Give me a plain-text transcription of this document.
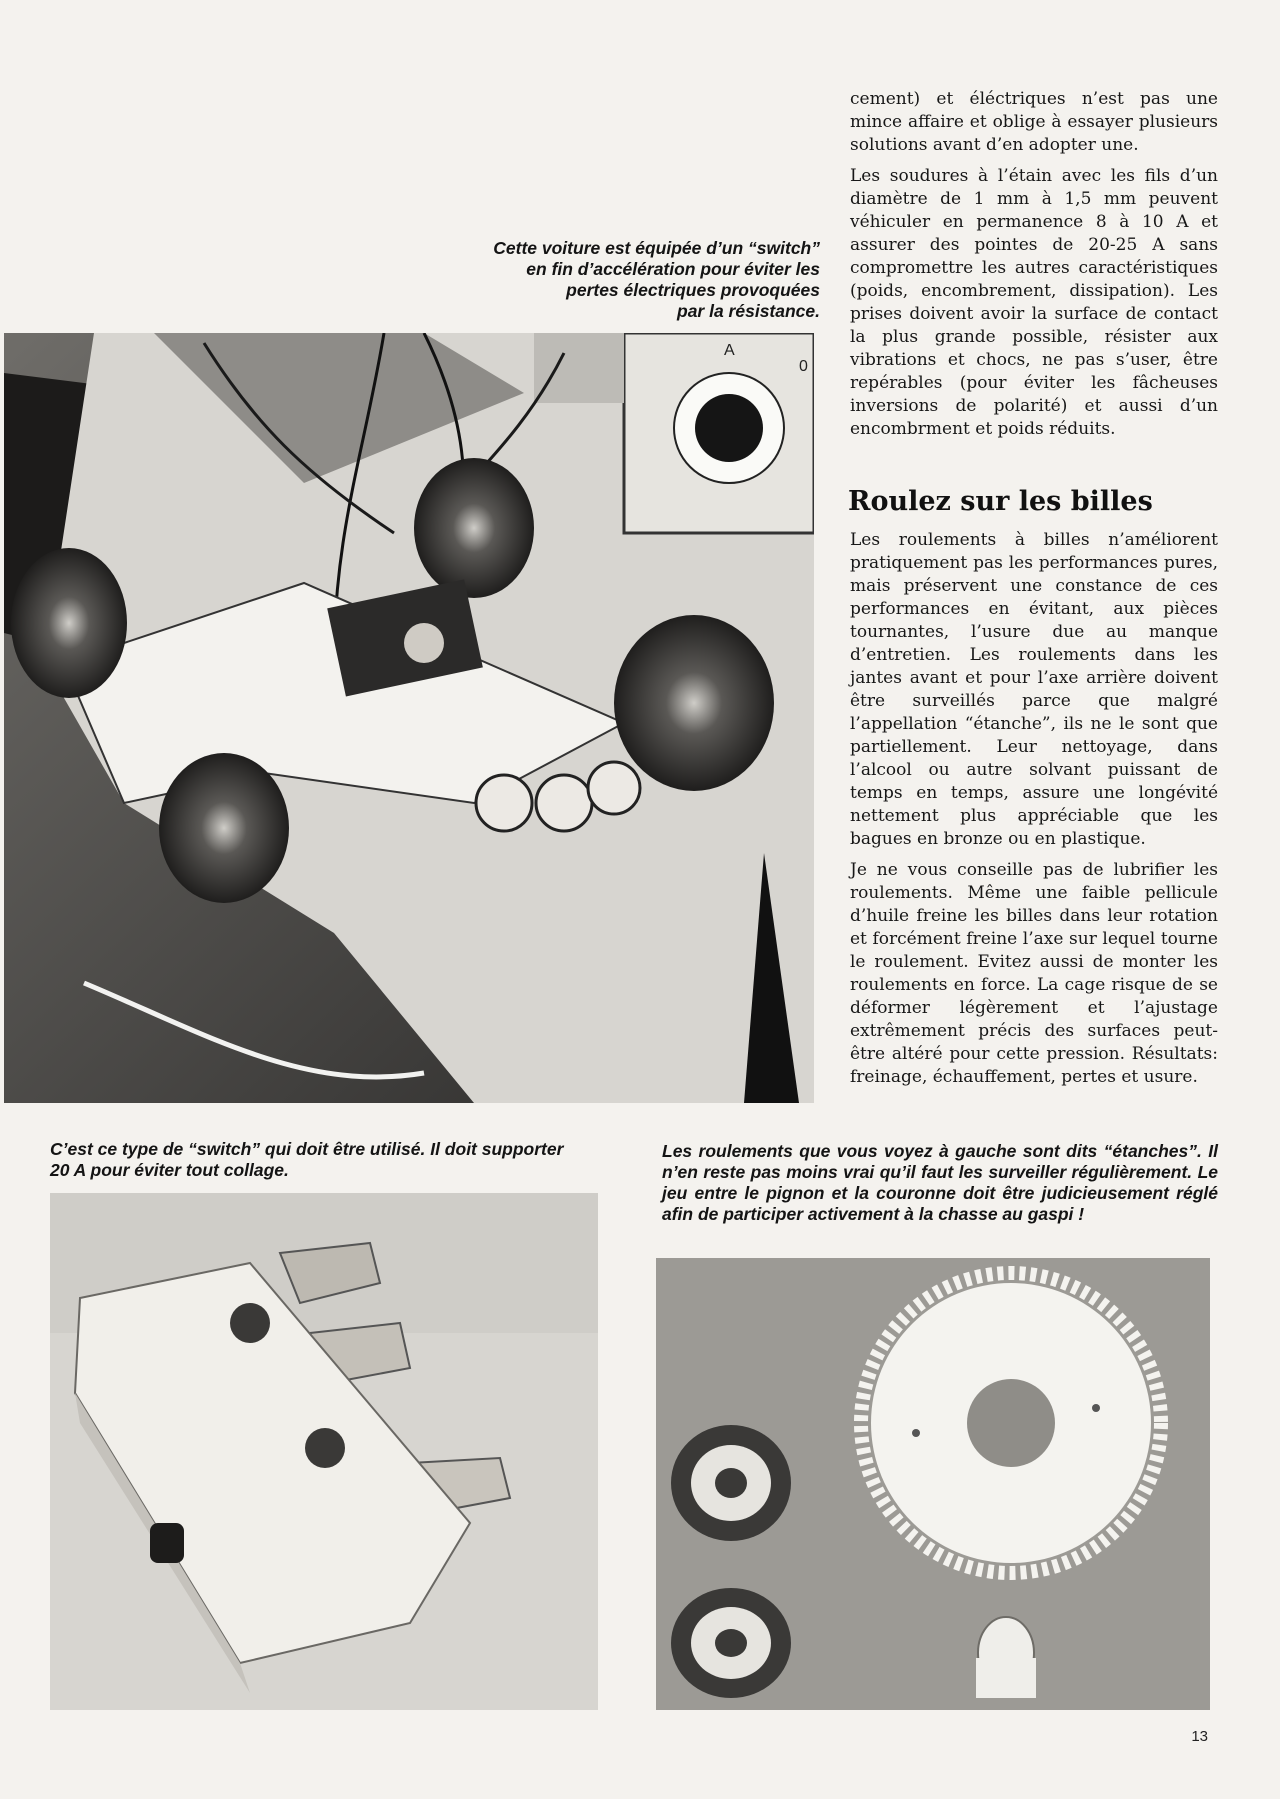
Cette voiture est équipée d’un “switch”

en fin d’accélération pour éviter les

pertes électriques provoquées

par la résistance.

cement) et éléctriques n’est pas une mince affaire et oblige à essayer plusieurs solutions avant d’en adopter une.

Les soudures à l’étain avec les fils d’un diamètre de 1 mm à 1,5 mm peuvent véhiculer en permanence 8 à 10 A et assurer des pointes de 20-25 A sans compromettre les autres caractéristiques (poids, encombrement, dissipation). Les prises doivent avoir la surface de contact la plus grande possible, résister aux vibrations et chocs, ne pas s’user, être repérables (pour éviter les fâcheuses inversions de polarité) et aussi d’un encombrment et poids réduits.

Roulez sur les billes

Les roulements à billes n’améliorent pratiquement pas les performances pures, mais préservent une constance de ces performances en évitant, aux pièces tournantes, l’usure due au manque d’entretien. Les roulements dans les jantes avant et pour l’axe arrière doivent être surveillés parce que malgré l’appellation “étanche”, ils ne le sont que partiellement. Leur nettoyage, dans l’alcool ou autre solvant puissant de temps en temps, assure une longévité nettement plus appréciable que les bagues en bronze ou en plastique.

Je ne vous conseille pas de lubrifier les roulements. Même une faible pellicule d’huile freine les billes dans leur rotation et forcément freine l’axe sur lequel tourne le roulement. Evitez aussi de monter les roulements en force. La cage risque de se déformer légèrement et l’ajustage extrêmement précis des surfaces peut-être altéré pour cette pression. Résultats: freinage, échauffement, pertes et usure.

A
0

C’est ce type de “switch” qui doit être utilisé. Il doit supporter

20 A pour éviter tout collage.

Les roulements que vous voyez à gauche sont dits “étanches”. Il n’en reste pas moins vrai qu’il faut les surveiller régulièrement. Le jeu entre le pignon et la couronne doit être judicieusement réglé afin de participer activement à la chasse au gaspi !
13
